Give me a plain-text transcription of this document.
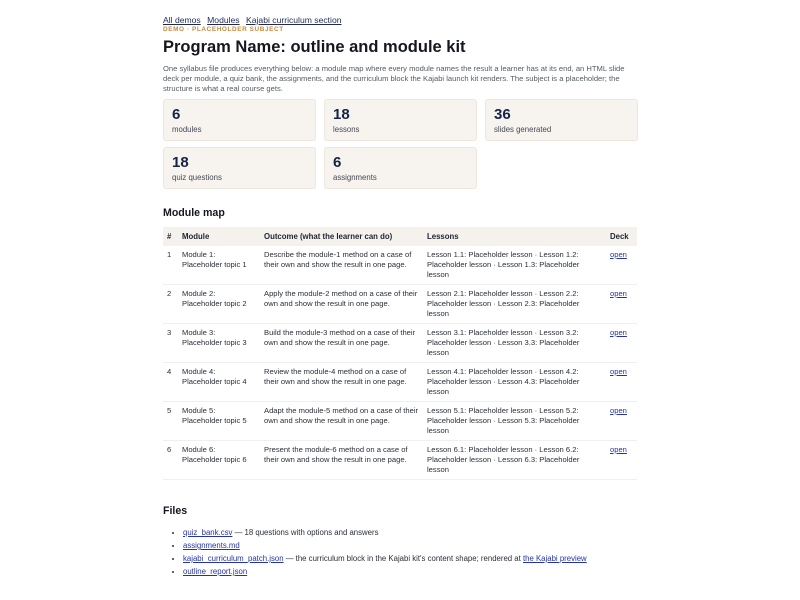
All demos Modules Kajabi curriculum section
DEMO · PLACEHOLDER SUBJECT
Program Name: outline and module kit

One syllabus file produces everything below: a module map where every module names the result a learner has at its end, an HTML slide deck per module, a quiz bank, the assignments, and the curriculum block the Kajabi launch kit renders. The subject is a placeholder; the structure is what a real course gets.

6
modules
18
lessons
36
slides generated
18
quiz questions
6
assignments
Module map
#	Module	Outcome (what the learner can do)	Lessons	Deck
1	Module 1: Placeholder topic 1	Describe the module-1 method on a case of their own and show the result in one page.	Lesson 1.1: Placeholder lesson · Lesson 1.2: Placeholder lesson · Lesson 1.3: Placeholder lesson	open
2	Module 2: Placeholder topic 2	Apply the module-2 method on a case of their own and show the result in one page.	Lesson 2.1: Placeholder lesson · Lesson 2.2: Placeholder lesson · Lesson 2.3: Placeholder lesson	open
3	Module 3: Placeholder topic 3	Build the module-3 method on a case of their own and show the result in one page.	Lesson 3.1: Placeholder lesson · Lesson 3.2: Placeholder lesson · Lesson 3.3: Placeholder lesson	open
4	Module 4: Placeholder topic 4	Review the module-4 method on a case of their own and show the result in one page.	Lesson 4.1: Placeholder lesson · Lesson 4.2: Placeholder lesson · Lesson 4.3: Placeholder lesson	open
5	Module 5: Placeholder topic 5	Adapt the module-5 method on a case of their own and show the result in one page.	Lesson 5.1: Placeholder lesson · Lesson 5.2: Placeholder lesson · Lesson 5.3: Placeholder lesson	open
6	Module 6: Placeholder topic 6	Present the module-6 method on a case of their own and show the result in one page.	Lesson 6.1: Placeholder lesson · Lesson 6.2: Placeholder lesson · Lesson 6.3: Placeholder lesson	open
Files
• quiz_bank.csv — 18 questions with options and answers
• assignments.md
• kajabi_curriculum_patch.json — the curriculum block in the Kajabi kit's content shape; rendered at the Kajabi preview
• outline_report.json
